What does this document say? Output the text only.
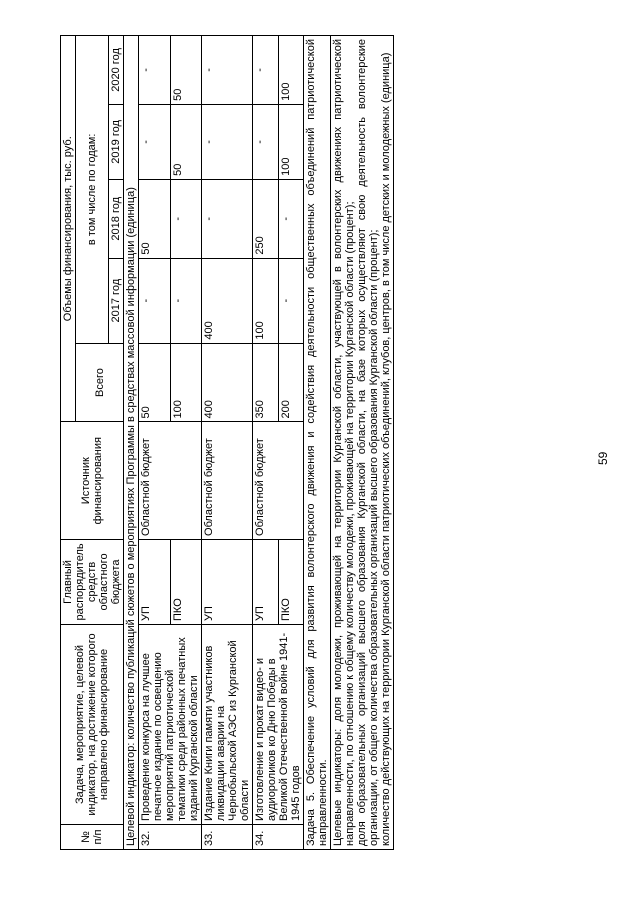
59
№ п/п	Задача, мероприятие, целевой индикатор, на достижение которого направлено финансирование	Главный распорядитель средств областного бюджета	Источник финансирования	Объемы финансирования, тыс. руб.				
				Всего	в том числе по годам:			
					2017 год	2018 год	2019 год	2020 год
Целевой индикатор: количество публикаций сюжетов о мероприятиях Программы в средствах массовой информации (единица)								
32.	Проведение конкурса на лучшее печатное издание по освещению мероприятий патриотической тематики среди районных печатных изданий Курганской области	УП	Областной бюджет	50	-	50	-	-
		ПКО		100	-	-	50	50
33.	Издание Книги памяти участников ликвидации аварии на Чернобыльской АЭС из Курганской области	УП	Областной бюджет	400	400	-	-	-
34.	Изготовление и прокат видео- и аудиороликов ко Дню Победы в Великой Отечественной войне 1941-1945 годов	УП	Областной бюджет	350	100	250	-	-
		ПКО		200	-	-	100	100
Задача 5. Обеспечение условий для развития волонтерского движения и содействия деятельности общественных объединений патриотической направленности.								

Целевые индикаторы: доля молодежи, проживающей на территории Курганской области, участвующей в волонтерских движениях патриотической направленности, по отношению к общему количеству молодежи, проживающей на территории Курганской области (процент); доля образовательных организаций высшего образования Курганской области, на базе которых осуществляют свою деятельность волонтерские организации, от общего количества образовательных организаций высшего образования Курганской области (процент); количество действующих на территории Курганской области патриотических объединений, клубов, центров, в том числе детских и молодежных (единица)								
